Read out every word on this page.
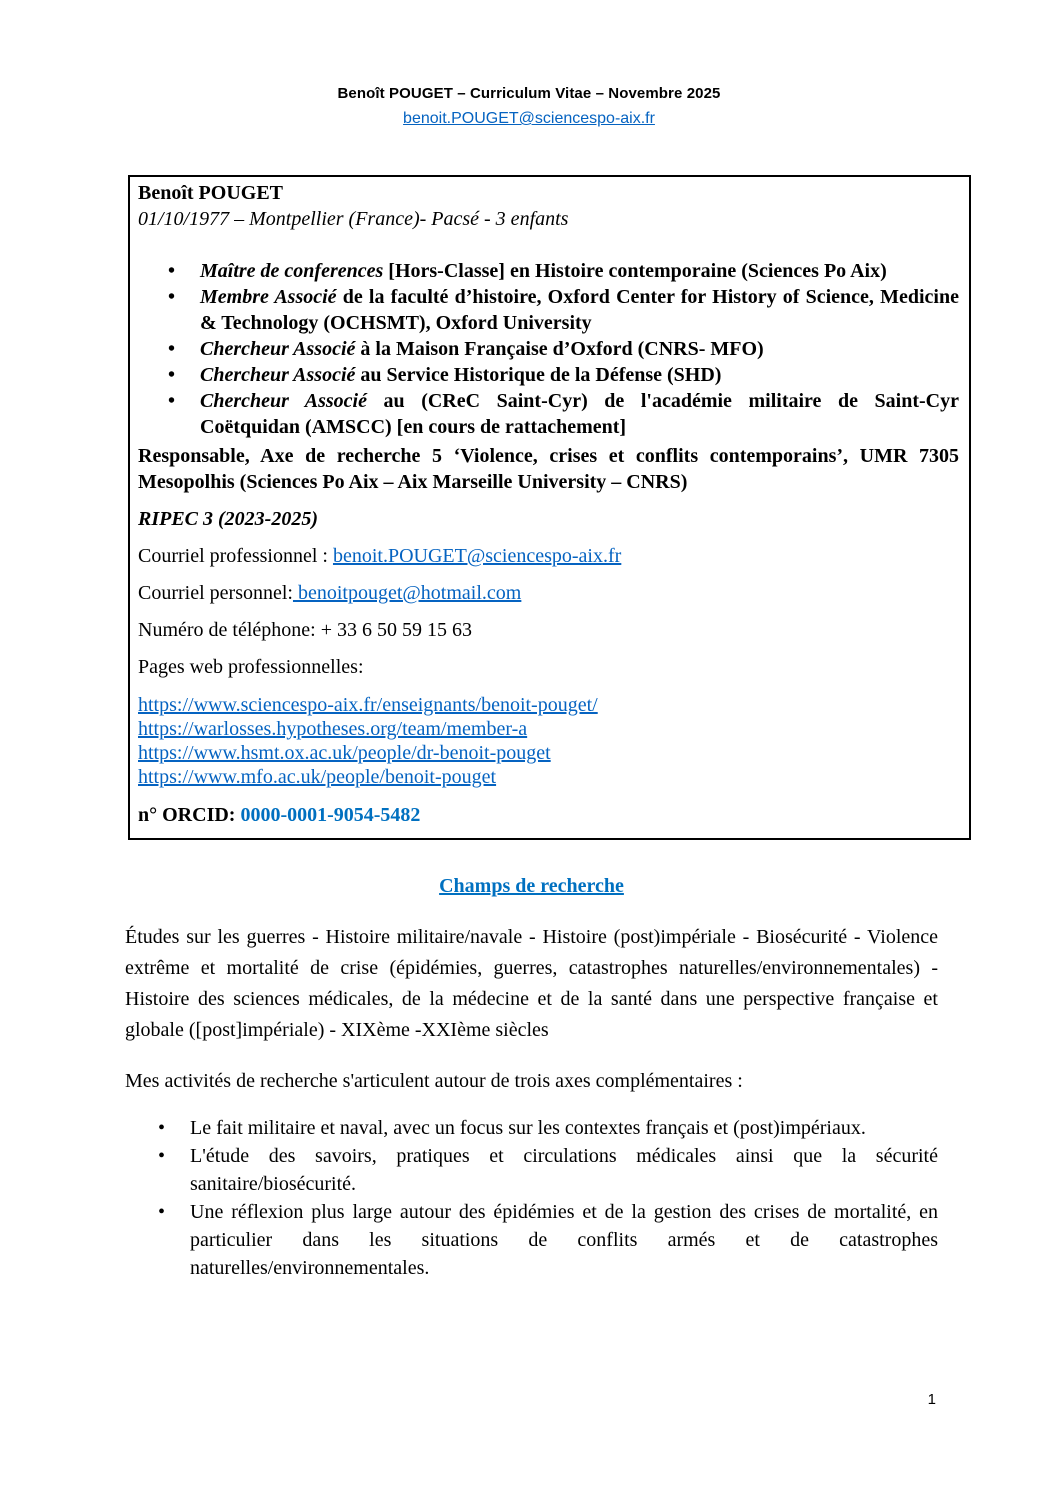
Benoît POUGET – Curriculum Vitae – Novembre 2025
benoit.POUGET@sciencespo-aix.fr
Benoît POUGET
01/10/1977 – Montpellier (France)- Pacsé - 3 enfants
•	Maître de conferences [Hors-Classe] en Histoire contemporaine (Sciences Po Aix)
•	Membre Associé de la faculté d’histoire, Oxford Center for History of Science, Medicine & Technology (OCHSMT), Oxford University
•	Chercheur Associé à la Maison Française d’Oxford (CNRS- MFO)
•	Chercheur Associé au Service Historique de la Défense (SHD)
•	Chercheur Associé au (CReC Saint-Cyr) de l'académie militaire de Saint-Cyr Coëtquidan (AMSCC) [en cours de rattachement]

Responsable, Axe de recherche 5 ‘Violence, crises et conflits contemporains’, UMR 7305 Mesopolhis (Sciences Po Aix – Aix Marseille University – CNRS)

RIPEC 3 (2023-2025)

Courriel professionnel : benoit.POUGET@sciencespo-aix.fr

Courriel personnel: benoitpouget@hotmail.com

Numéro de téléphone: + 33 6 50 59 15 63

Pages web professionnelles:

https://www.sciencespo-aix.fr/enseignants/benoit-pouget/
https://warlosses.hypotheses.org/team/member-a
https://www.hsmt.ox.ac.uk/people/dr-benoit-pouget
https://www.mfo.ac.uk/people/benoit-pouget

n° ORCID: 0000-0001-9054-5482

Champs de recherche

Études sur les guerres - Histoire militaire/navale - Histoire (post)impériale - Biosécurité - Violence extrême et mortalité de crise (épidémies, guerres, catastrophes naturelles/environnementales) - Histoire des sciences médicales, de la médecine et de la santé dans une perspective française et globale ([post]impériale) - XIXème -XXIème siècles

Mes activités de recherche s'articulent autour de trois axes complémentaires :

•	Le fait militaire et naval, avec un focus sur les contextes français et (post)impériaux.
•	L'étude des savoirs, pratiques et circulations médicales ainsi que la sécurité sanitaire/biosécurité.
•	Une réflexion plus large autour des épidémies et de la gestion des crises de mortalité, en particulier dans les situations de conflits armés et de catastrophes naturelles/environnementales.
1
